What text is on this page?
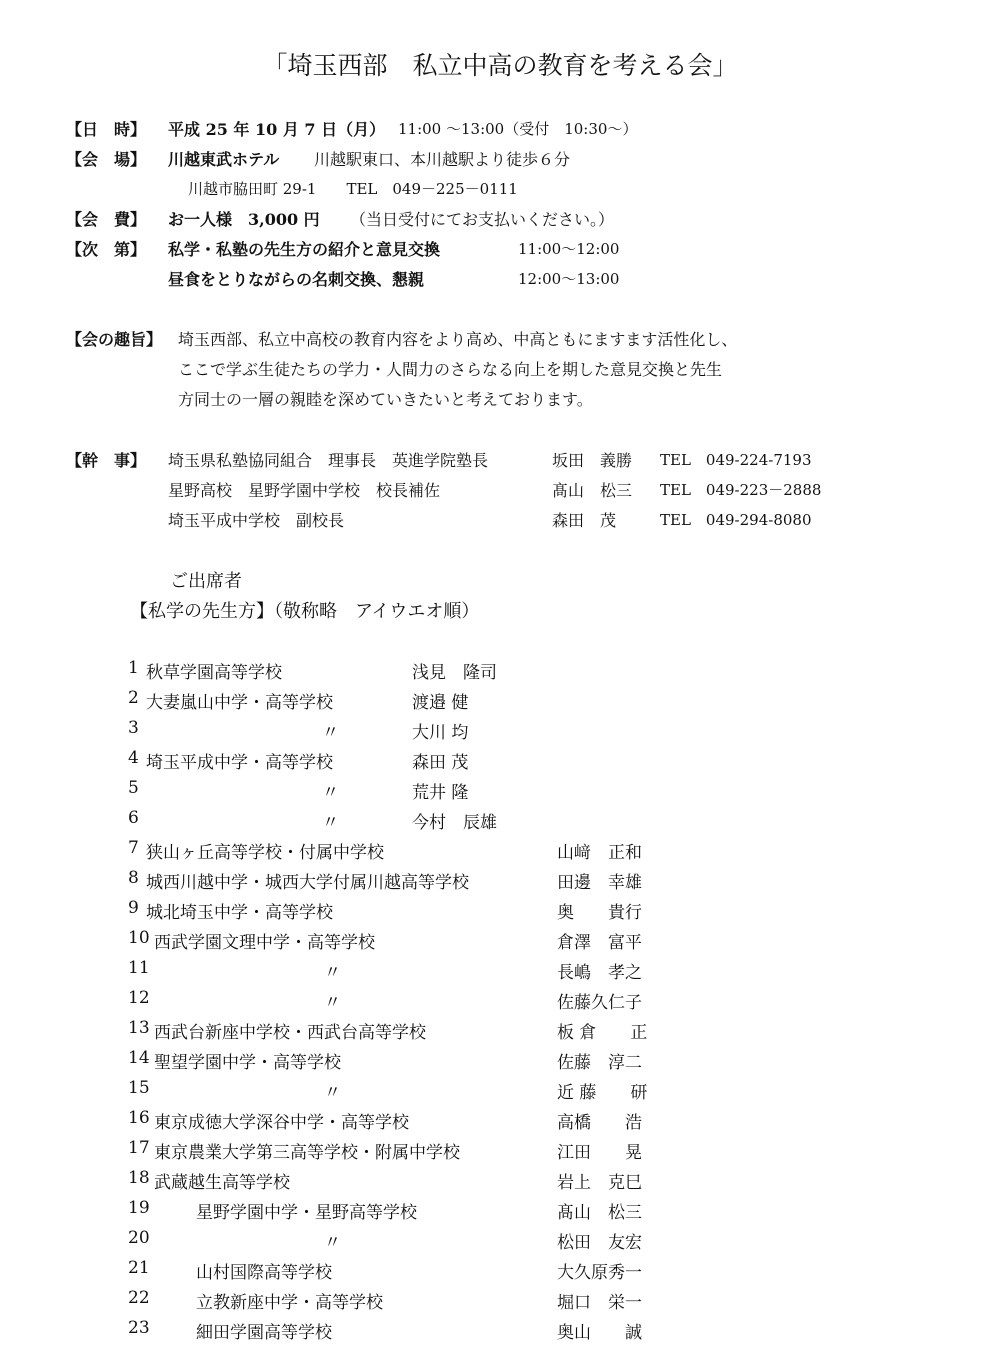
「埼玉西部　私立中高の教育を考える会」
【日　時】 平成 25 年 10 月 7 日（月） 11:00 ～13:00（受付　10:30～）
【会　場】 川越東武ホテル 川越駅東口、本川越駅より徒歩６分
川越市脇田町 29-1　　TEL　049－225－0111
【会　費】 お一人様　3,000 円 （当日受付にてお支払いください。）
【次　第】 私学・私塾の先生方の紹介と意見交換	11:00～12:00
昼食をとりながらの名刺交換、懇親	12:00～13:00
【会の趣旨】 埼玉西部、私立中高校の教育内容をより高め、中高ともにますます活性化し、
ここで学ぶ生徒たちの学力・人間力のさらなる向上を期した意見交換と先生
方同士の一層の親睦を深めていきたいと考えております。
【幹　事】 埼玉県私塾協同組合　理事長　英進学院塾長	坂田　義勝 TEL　049-224-7193
星野高校　星野学園中学校　校長補佐	髙山　松三 TEL　049-223－2888
埼玉平成中学校　副校長	森田　茂	TEL　049-294-8080
ご出席者
【私学の先生方】（敬称略　アイウエオ順）
1 秋草学園高等学校	浅見　隆司
2 大妻嵐山中学・高等学校	渡邉 健
3	〃	大川 均
4 埼玉平成中学・高等学校	森田 茂
5	〃	荒井 隆
6	〃	今村　辰雄
7 狭山ヶ丘高等学校・付属中学校	山﨑　正和
8 城西川越中学・城西大学付属川越高等学校	田邊　幸雄
9 城北埼玉中学・高等学校	奥　　貴行
10 西武学園文理中学・高等学校	倉澤　富平
11	〃	長嶋　孝之
12	〃	佐藤久仁子
13 西武台新座中学校・西武台高等学校	板 倉　　正
14 聖望学園中学・高等学校	佐藤　淳二
15	〃	近 藤　　研
16 東京成徳大学深谷中学・高等学校	高橋　　浩
17 東京農業大学第三高等学校・附属中学校	江田　　晃
18 武蔵越生高等学校	岩上　克巳
19	星野学園中学・星野高等学校	髙山　松三
20	〃	松田　友宏
21	山村国際高等学校	大久原秀一
22	立教新座中学・高等学校	堀口　栄一
23	細田学園高等学校	奥山　　誠
